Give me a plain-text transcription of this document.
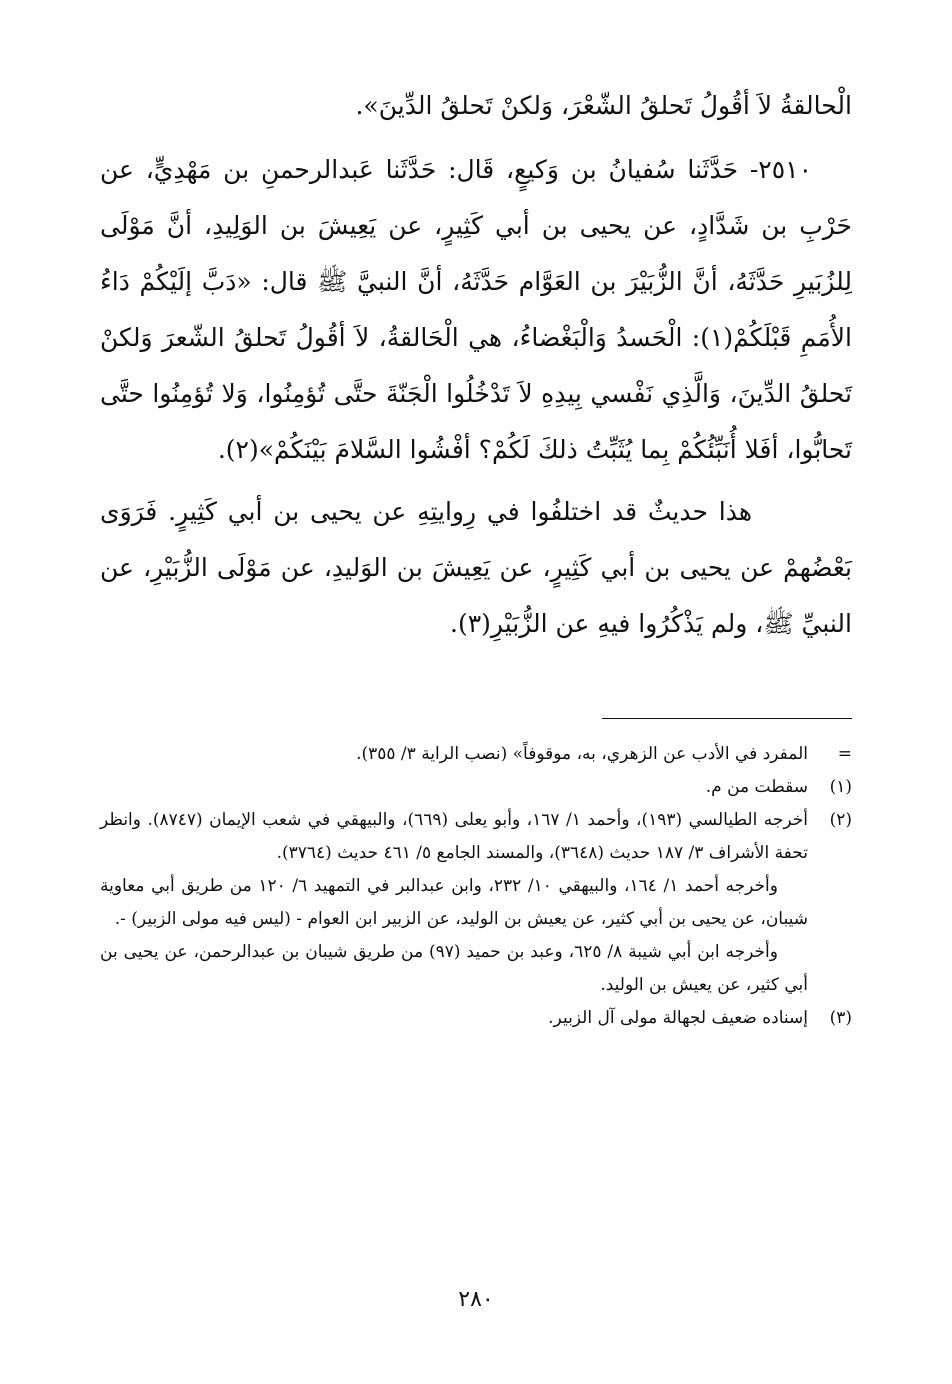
الْحالقةُ لاَ أقُولُ تَحلقُ الشّعْرَ، وَلكنْ تَحلقُ الدِّينَ».

٢٥١٠- حَدَّثَنا سُفيانُ بن وَكيعٍ، قَال: حَدَّثَنا عَبدالرحمنِ بن مَهْدِيٍّ، عن حَرْبِ بن شَدَّادٍ، عن يحيى بن أبي كَثِيرٍ، عن يَعِيشَ بن الوَلِيدِ، أنَّ مَوْلَى لِلزُبَيرِ حَدَّثَهُ، أنَّ الزُّبَيْرَ بن العَوَّام حَدَّثَهُ، أنَّ النبيَّ ﷺ قال: «دَبَّ إلَيْكُمْ دَاءُ الأُمَمِ قَبْلَكُمْ(١): الْحَسدُ وَالْبَغْضاءُ، هي الْحَالقةُ، لاَ أقُولُ تَحلقُ الشّعرَ وَلكنْ تَحلقُ الدِّينَ، وَالَّذِي نَفْسي بِيدِهِ لاَ تَدْخُلُوا الْجَنّةَ حتَّى تُؤمِنُوا، وَلا تُؤمِنُوا حتَّى تَحابُّوا، أفَلا أُنَبِّئُكُمْ بِما يُثَبِّتُ ذلكَ لَكُمْ؟ أفْشُوا السَّلامَ بَيْنَكُمْ»(٢).

هذا حديثٌ قد اختلفُوا في رِوايتِهِ عن يحيى بن أبي كَثِيرٍ. فَرَوَى بَعْضُهمْ عن يحيى بن أبي كَثِيرٍ، عن يَعِيشَ بن الوَليدِ، عن مَوْلَى الزُّبَيْرِ، عن النبيِّ ﷺ، ولم يَذْكُرُوا فيهِ عن الزُّبَيْرِ(٣).

=

المفرد في الأدب عن الزهري، به، موقوفاً» (نصب الراية ٣/ ٣٥٥).

(١)

سقطت من م.

(٢)

أخرجه الطيالسي (١٩٣)، وأحمد ١/ ١٦٧، وأبو يعلى (٦٦٩)، والبيهقي في شعب الإيمان (٨٧٤٧). وانظر تحفة الأشراف ٣/ ١٨٧ حديث (٣٦٤٨)، والمسند الجامع ٥/ ٤٦١ حديث (٣٧٦٤).

وأخرجه أحمد ١/ ١٦٤، والبيهقي ١٠/ ٢٣٢، وابن عبدالبر في التمهيد ٦/ ١٢٠ من طريق أبي معاوية شيبان، عن يحيى بن أبي كثير، عن يعيش بن الوليد، عن الزبير ابن العوام - (ليس فيه مولى الزبير) -.

وأخرجه ابن أبي شيبة ٨/ ٦٢٥، وعبد بن حميد (٩٧) من طريق شيبان بن عبدالرحمن، عن يحيى بن أبي كثير، عن يعيش بن الوليد.

(٣)

إسناده ضعيف لجهالة مولى آل الزبير.

٢٨٠
